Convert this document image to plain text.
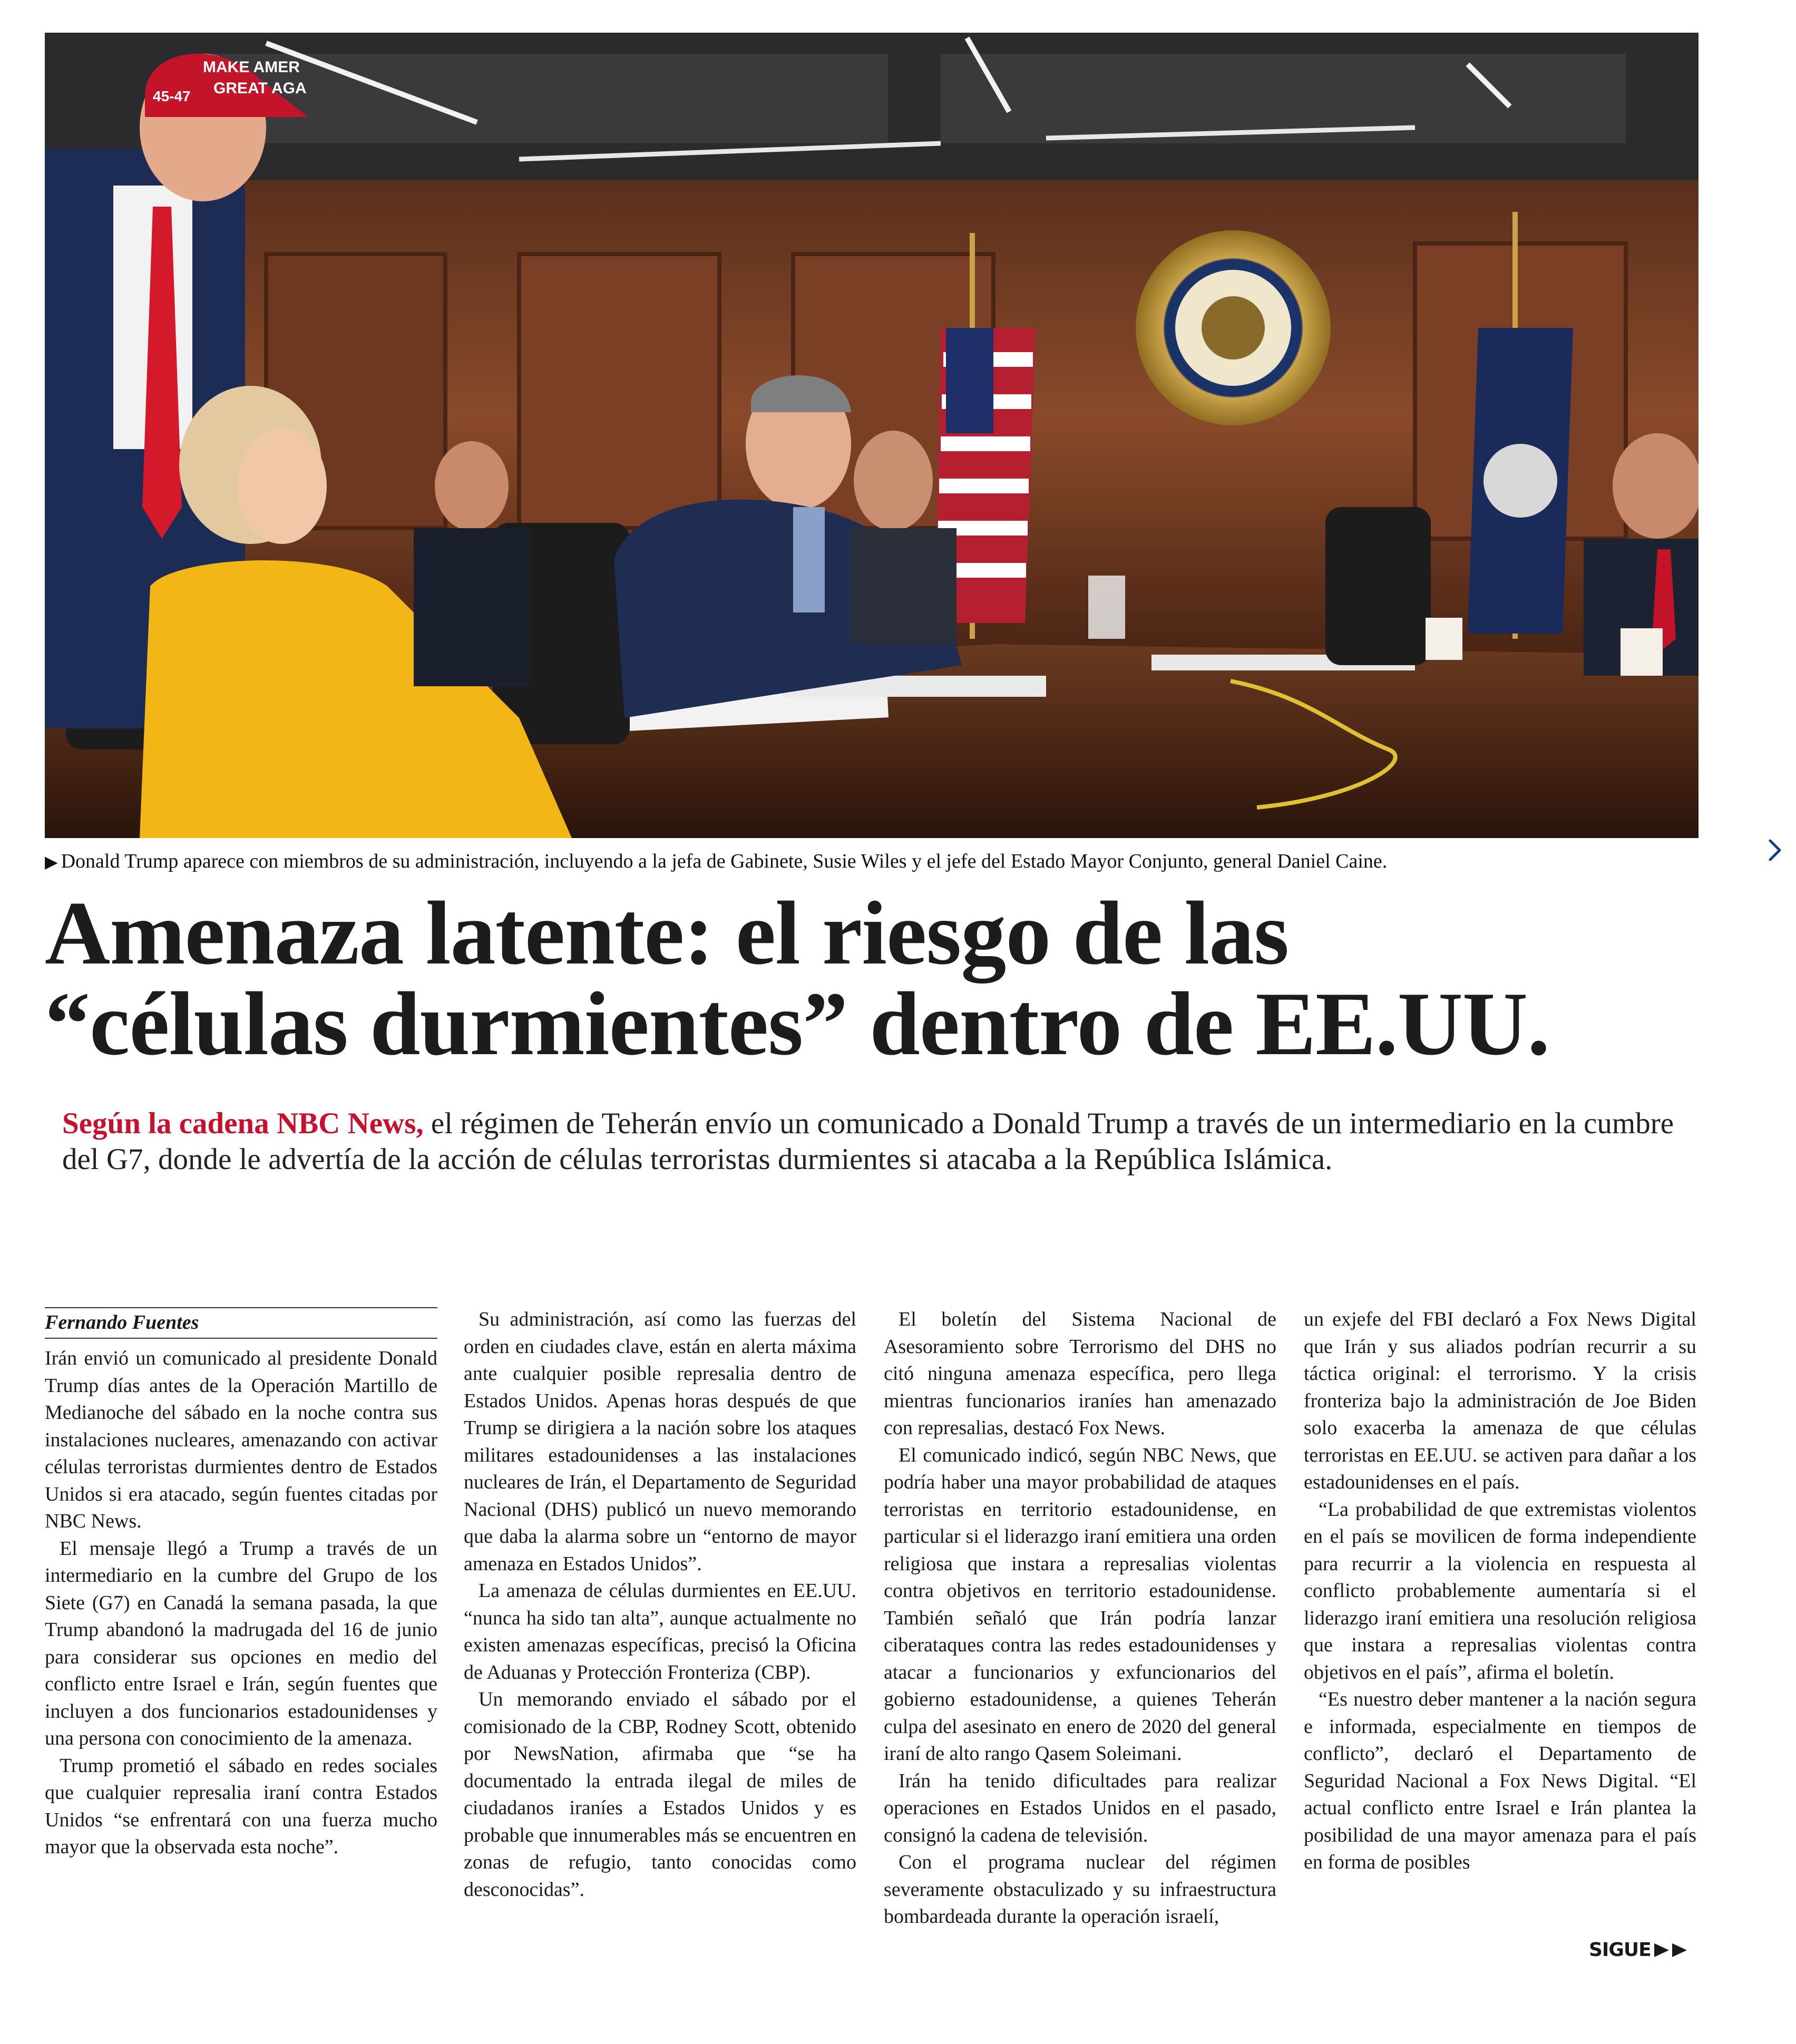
MAKE AMER
GREAT AGA
45-47
▶ Donald Trump aparece con miembros de su administración, incluyendo a la jefa de Gabinete, Susie Wiles y el jefe del Estado Mayor Conjunto, general Daniel Caine.
Amenaza latente: el riesgo de las
“células durmientes” dentro de EE.UU.
Según la cadena NBC News, el régimen de Teherán envío un comunicado a Donald Trump a través de un intermediario en la cumbre del G7, donde le advertía de la acción de células terroristas durmientes si atacaba a la República Islámica.
Fernando Fuentes

Irán envió un comunicado al presidente Donald Trump días antes de la Operación Martillo de Medianoche del sábado en la noche contra sus instalaciones nucleares, amenazando con activar células terroristas durmientes dentro de Estados Unidos si era atacado, según fuentes citadas por NBC News.

El mensaje llegó a Trump a través de un intermediario en la cumbre del Grupo de los Siete (G7) en Canadá la semana pasada, la que Trump abandonó la madrugada del 16 de junio para considerar sus opciones en medio del conflicto entre Israel e Irán, según fuentes que incluyen a dos funcionarios estadounidenses y una persona con conocimiento de la amenaza.

Trump prometió el sábado en redes sociales que cualquier represalia iraní contra Estados Unidos “se enfrentará con una fuerza mucho mayor que la observada esta noche”.

Su administración, así como las fuerzas del orden en ciudades clave, están en alerta máxima ante cualquier posible represalia dentro de Estados Unidos. Apenas horas después de que Trump se dirigiera a la nación sobre los ataques militares estadounidenses a las instalaciones nucleares de Irán, el Departamento de Seguridad Nacional (DHS) publicó un nuevo memorando que daba la alarma sobre un “entorno de mayor amenaza en Estados Unidos”.

La amenaza de células durmientes en EE.UU. “nunca ha sido tan alta”, aunque actualmente no existen amenazas específicas, precisó la Oficina de Aduanas y Protección Fronteriza (CBP).

Un memorando enviado el sábado por el comisionado de la CBP, Rodney Scott, obtenido por NewsNation, afirmaba que “se ha documentado la entrada ilegal de miles de ciudadanos iraníes a Estados Unidos y es probable que innumerables más se encuentren en zonas de refugio, tanto conocidas como desconocidas”.

El boletín del Sistema Nacional de Asesoramiento sobre Terrorismo del DHS no citó ninguna amenaza específica, pero llega mientras funcionarios iraníes han amenazado con represalias, destacó Fox News.

El comunicado indicó, según NBC News, que podría haber una mayor probabilidad de ataques terroristas en territorio estadounidense, en particular si el liderazgo iraní emitiera una orden religiosa que instara a represalias violentas contra objetivos en territorio estadounidense. También señaló que Irán podría lanzar ciberataques contra las redes estadounidenses y atacar a funcionarios y exfuncionarios del gobierno estadounidense, a quienes Teherán culpa del asesinato en enero de 2020 del general iraní de alto rango Qasem Soleimani.

Irán ha tenido dificultades para realizar operaciones en Estados Unidos en el pasado, consignó la cadena de televisión.

Con el programa nuclear del régimen severamente obstaculizado y su infraestructura bombardeada durante la operación israelí,

un exjefe del FBI declaró a Fox News Digital que Irán y sus aliados podrían recurrir a su táctica original: el terrorismo. Y la crisis fronteriza bajo la administración de Joe Biden solo exacerba la amenaza de que células terroristas en EE.UU. se activen para dañar a los estadounidenses en el país.

“La probabilidad de que extremistas violentos en el país se movilicen de forma independiente para recurrir a la violencia en respuesta al conflicto probablemente aumentaría si el liderazgo iraní emitiera una resolución religiosa que instara a represalias violentas contra objetivos en el país”, afirma el boletín.

“Es nuestro deber mantener a la nación segura e informada, especialmente en tiempos de conflicto”, declaró el Departamento de Seguridad Nacional a Fox News Digital. “El actual conflicto entre Israel e Irán plantea la posibilidad de una mayor amenaza para el país en forma de posibles

SIGUE
